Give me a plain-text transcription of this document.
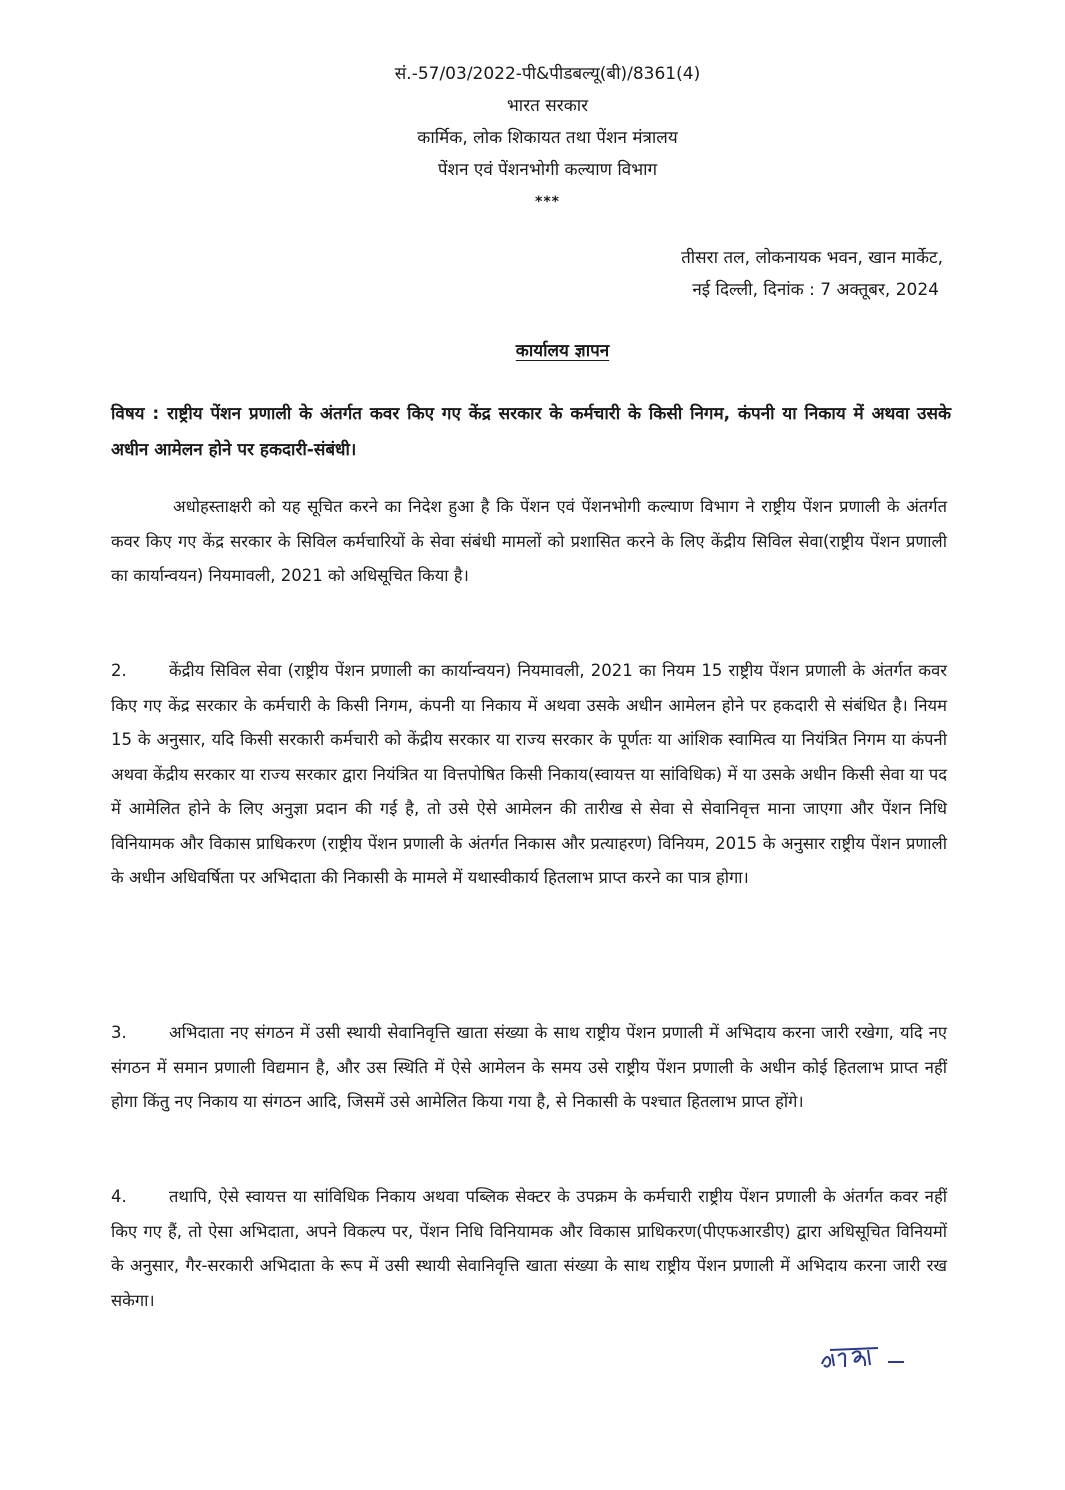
सं.-57/03/2022-पी&पीडबल्यू(बी)/8361(4)
भारत सरकार
कार्मिक, लोक शिकायत तथा पेंशन मंत्रालय
पेंशन एवं पेंशनभोगी कल्याण विभाग
***
तीसरा तल, लोकनायक भवन, खान मार्केट,
नई दिल्ली, दिनांक : 7 अक्तूबर, 2024
कार्यालय ज्ञापन
विषय : राष्ट्रीय पेंशन प्रणाली के अंतर्गत कवर किए गए केंद्र सरकार के कर्मचारी के किसी निगम, कंपनी या निकाय में अथवा उसके अधीन आमेलन होने पर हकदारी-संबंधी।
अधोहस्ताक्षरी को यह सूचित करने का निदेश हुआ है कि पेंशन एवं पेंशनभोगी कल्याण विभाग ने राष्ट्रीय पेंशन प्रणाली के अंतर्गत कवर किए गए केंद्र सरकार के सिविल कर्मचारियों के सेवा संबंधी मामलों को प्रशासित करने के लिए केंद्रीय सिविल सेवा(राष्ट्रीय पेंशन प्रणाली का कार्यान्वयन) नियमावली, 2021 को अधिसूचित किया है।
2.	केंद्रीय सिविल सेवा (राष्ट्रीय पेंशन प्रणाली का कार्यान्वयन) नियमावली, 2021 का नियम 15 राष्ट्रीय पेंशन प्रणाली के अंतर्गत कवर किए गए केंद्र सरकार के कर्मचारी के किसी निगम, कंपनी या निकाय में अथवा उसके अधीन आमेलन होने पर हकदारी से संबंधित है। नियम 15 के अनुसार, यदि किसी सरकारी कर्मचारी को केंद्रीय सरकार या राज्य सरकार के पूर्णतः या आंशिक स्वामित्व या नियंत्रित निगम या कंपनी अथवा केंद्रीय सरकार या राज्य सरकार द्वारा नियंत्रित या वित्तपोषित किसी निकाय(स्वायत्त या सांविधिक) में या उसके अधीन किसी सेवा या पद में आमेलित होने के लिए अनुज्ञा प्रदान की गई है, तो उसे ऐसे आमेलन की तारीख से सेवा से सेवानिवृत्त माना जाएगा और पेंशन निधि विनियामक और विकास प्राधिकरण (राष्ट्रीय पेंशन प्रणाली के अंतर्गत निकास और प्रत्याहरण) विनियम, 2015 के अनुसार राष्ट्रीय पेंशन प्रणाली के अधीन अधिवर्षिता पर अभिदाता की निकासी के मामले में यथास्वीकार्य हितलाभ प्राप्त करने का पात्र होगा।
3.	अभिदाता नए संगठन में उसी स्थायी सेवानिवृत्ति खाता संख्या के साथ राष्ट्रीय पेंशन प्रणाली में अभिदाय करना जारी रखेगा, यदि नए संगठन में समान प्रणाली विद्यमान है, और उस स्थिति में ऐसे आमेलन के समय उसे राष्ट्रीय पेंशन प्रणाली के अधीन कोई हितलाभ प्राप्त नहीं होगा किंतु नए निकाय या संगठन आदि, जिसमें उसे आमेलित किया गया है, से निकासी के पश्चात हितलाभ प्राप्त होंगे।
4.	तथापि, ऐसे स्वायत्त या सांविधिक निकाय अथवा पब्लिक सेक्टर के उपक्रम के कर्मचारी राष्ट्रीय पेंशन प्रणाली के अंतर्गत कवर नहीं किए गए हैं, तो ऐसा अभिदाता, अपने विकल्प पर, पेंशन निधि विनियामक और विकास प्राधिकरण(पीएफआरडीए) द्वारा अधिसूचित विनियमों के अनुसार, गैर-सरकारी अभिदाता के रूप में उसी स्थायी सेवानिवृत्ति खाता संख्या के साथ राष्ट्रीय पेंशन प्रणाली में अभिदाय करना जारी रख सकेगा।
